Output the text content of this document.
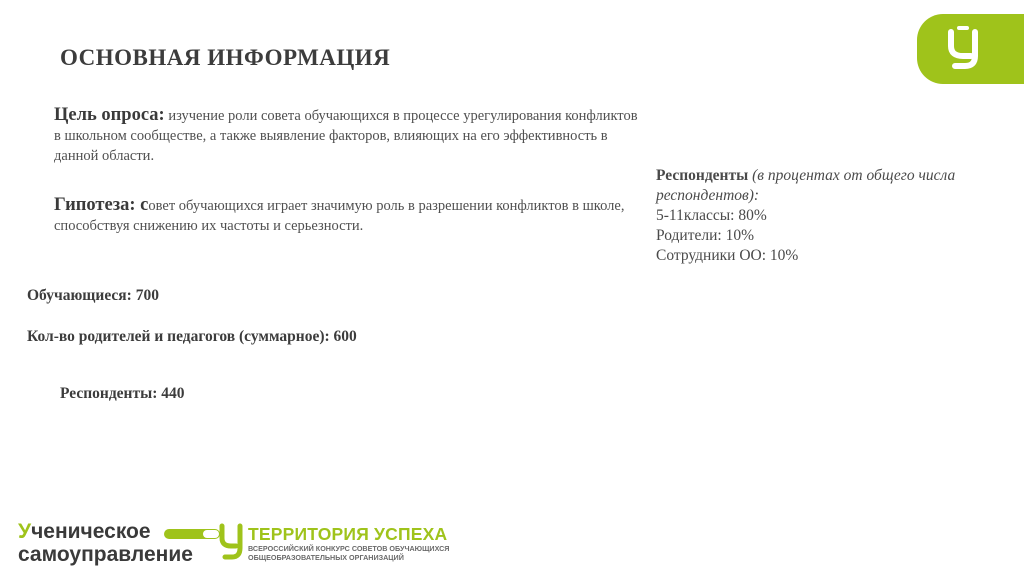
ОСНОВНАЯ ИНФОРМАЦИЯ
Цель опроса: изучение роли совета обучающихся в процессе урегулирования конфликтов в школьном сообществе, а также выявление факторов, влияющих на его эффективность в данной области.
Гипотеза: совет обучающихся играет значимую роль в разрешении конфликтов в школе, способствуя снижению их частоты и серьезности.
Респонденты (в процентах от общего числа респондентов):
5-11классы: 80%
Родители: 10%
Сотрудники ОО: 10%
Обучающиеся: 700
Кол-во родителей и педагогов (суммарное): 600
Респонденты: 440
Ученическое
самоуправление
ТЕРРИТОРИЯ УСПЕХА
ВСЕРОССИЙСКИЙ КОНКУРС СОВЕТОВ ОБУЧАЮЩИХСЯ
ОБЩЕОБРАЗОВАТЕЛЬНЫХ ОРГАНИЗАЦИЙ
